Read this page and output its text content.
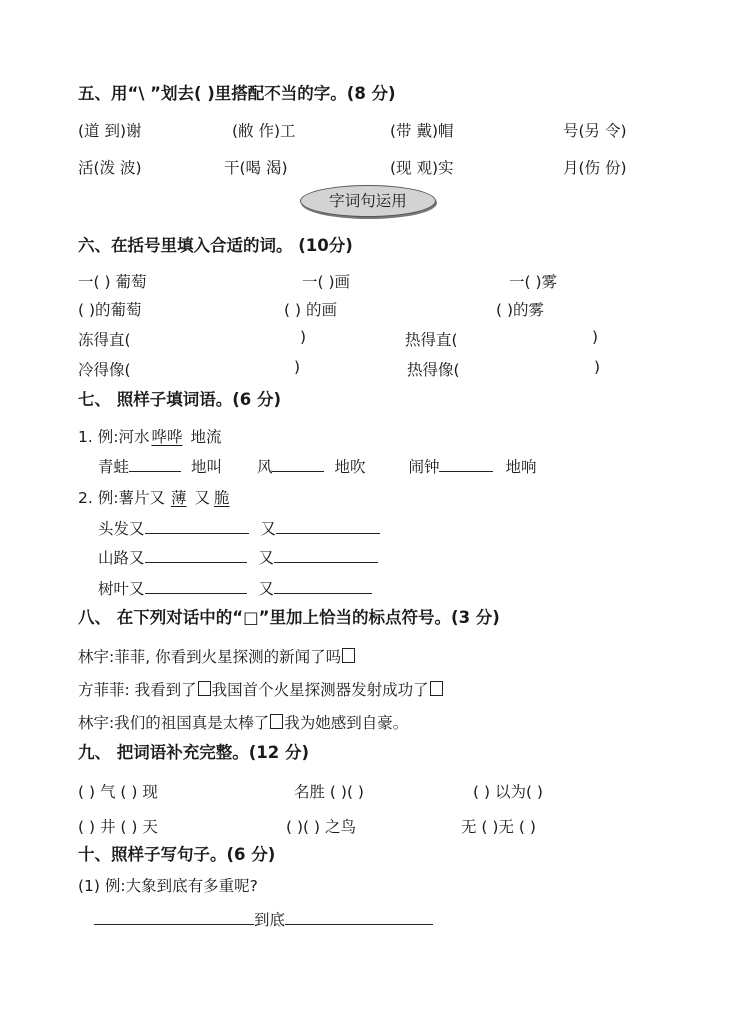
五、用“\ ”划去( )里搭配不当的字。(8 分)
(道 到)谢	(敝 作)工	(带 戴)帽	号(另 令)
活(泼 波)	干(喝 渴)	(现 观)实	月(伤 份)
字词句运用
六、在括号里填入合适的词。 (10分)
一( ) 葡萄	一( )画	一( )雾
( )的葡萄	( ) 的画	( )的雾
冻得直(	)	热得直(	)
冷得像(	)	热得像(	)
七、 照样子填词语。(6 分)
1. 例:河水 哗哗 地流
青蛙	地叫 风	地吹	闹钟	地响
2. 例:薯片又 薄 又 脆
头发又	又
山路又	又
树叶又	又
八、 在下列对话中的“□”里加上恰当的标点符号。(3 分)
林宇:菲菲, 你看到火星探测的新闻了吗
方菲菲: 我看到了 我国首个火星探测器发射成功了
林宇:我们的祖国真是太棒了 我为她感到自豪。
九、 把词语补充完整。(12 分)
( ) 气 ( ) 现	名胜 ( )( )	( ) 以为( )
( ) 井 ( ) 天	( )( ) 之鸟	无 ( )无 ( )
十、照样子写句子。(6 分)
(1) 例:大象到底有多重呢?
到底
